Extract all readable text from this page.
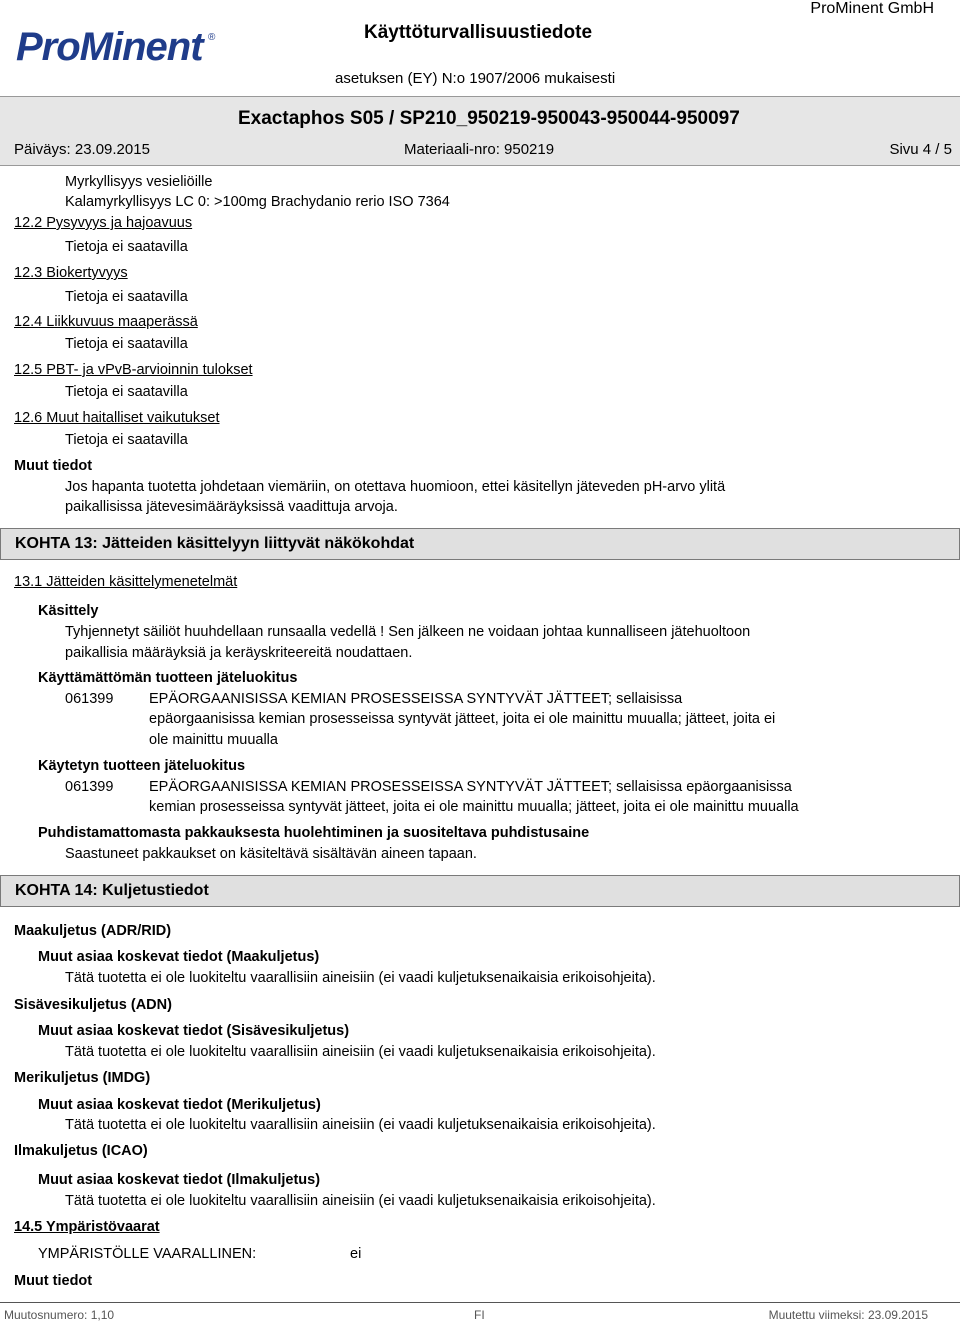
ProMinent ®	Käyttöturvallisuustiedote
ProMinent GmbH
asetuksen (EY) N:o 1907/2006 mukaisesti
Exactaphos S05 / SP210_950219-950043-950044-950097
Päiväys: 23.09.2015	Materiaali-nro: 950219	Sivu 4 / 5
Myrkyllisyys vesieliöille
Kalamyrkyllisyys LC 0: >100mg Brachydanio rerio ISO 7364
12.2 Pysyvyys ja hajoavuus
Tietoja ei saatavilla
12.3 Biokertyvyys
Tietoja ei saatavilla
12.4 Liikkuvuus maaperässä
Tietoja ei saatavilla
12.5 PBT- ja vPvB-arvioinnin tulokset
Tietoja ei saatavilla
12.6 Muut haitalliset vaikutukset
Tietoja ei saatavilla
Muut tiedot
Jos hapanta tuotetta johdetaan viemäriin, on otettava huomioon, ettei käsitellyn jäteveden pH-arvo ylitä
paikallisissa jätevesimääräyksissä vaadittuja arvoja.
KOHTA 13: Jätteiden käsittelyyn liittyvät näkökohdat
13.1 Jätteiden käsittelymenetelmät
Käsittely
Tyhjennetyt säiliöt huuhdellaan runsaalla vedellä ! Sen jälkeen ne voidaan johtaa kunnalliseen jätehuoltoon
paikallisia määräyksiä ja keräyskriteereitä noudattaen.
Käyttämättömän tuotteen jäteluokitus
061399 EPÄORGAANISISSA KEMIAN PROSESSEISSA SYNTYVÄT JÄTTEET; sellaisissa
epäorgaanisissa kemian prosesseissa syntyvät jätteet, joita ei ole mainittu muualla; jätteet, joita ei
ole mainittu muualla
Käytetyn tuotteen jäteluokitus
061399 EPÄORGAANISISSA KEMIAN PROSESSEISSA SYNTYVÄT JÄTTEET; sellaisissa epäorgaanisissa
kemian prosesseissa syntyvät jätteet, joita ei ole mainittu muualla; jätteet, joita ei ole mainittu muualla
Puhdistamattomasta pakkauksesta huolehtiminen ja suositeltava puhdistusaine
Saastuneet pakkaukset on käsiteltävä sisältävän aineen tapaan.
KOHTA 14: Kuljetustiedot
Maakuljetus (ADR/RID)
Muut asiaa koskevat tiedot (Maakuljetus)
Tätä tuotetta ei ole luokiteltu vaarallisiin aineisiin (ei vaadi kuljetuksenaikaisia erikoisohjeita).
Sisävesikuljetus (ADN)
Muut asiaa koskevat tiedot (Sisävesikuljetus)
Tätä tuotetta ei ole luokiteltu vaarallisiin aineisiin (ei vaadi kuljetuksenaikaisia erikoisohjeita).
Merikuljetus (IMDG)
Muut asiaa koskevat tiedot (Merikuljetus)
Tätä tuotetta ei ole luokiteltu vaarallisiin aineisiin (ei vaadi kuljetuksenaikaisia erikoisohjeita).
Ilmakuljetus (ICAO)
Muut asiaa koskevat tiedot (Ilmakuljetus)
Tätä tuotetta ei ole luokiteltu vaarallisiin aineisiin (ei vaadi kuljetuksenaikaisia erikoisohjeita).
14.5 Ympäristövaarat
YMPÄRISTÖLLE VAARALLINEN:	ei
Muut tiedot
Muutosnumero: 1,10	FI	Muutettu viimeksi: 23.09.2015
